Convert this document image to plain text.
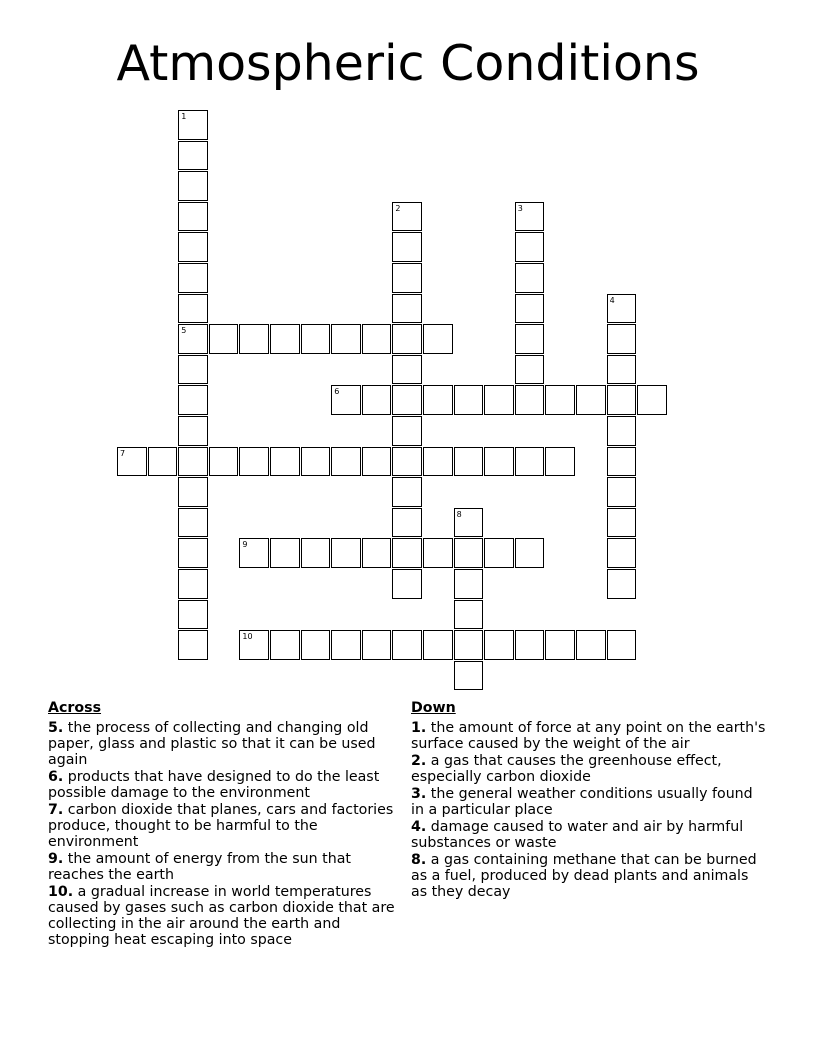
Atmospheric Conditions
1
5
2	3
4
6
7
8
9
10
Across
5. the process of collecting and changing old paper, glass and plastic so that it can be used again
6. products that have designed to do the least possible damage to the environment
7. carbon dioxide that planes, cars and factories produce, thought to be harmful to the environment
9. the amount of energy from the sun that reaches the earth
10. a gradual increase in world temperatures caused by gases such as carbon dioxide that are collecting in the air around the earth and stopping heat escaping into space
Down
1. the amount of force at any point on the earth's surface caused by the weight of the air
2. a gas that causes the greenhouse effect, especially carbon dioxide
3. the general weather conditions usually found in a particular place
4. damage caused to water and air by harmful substances or waste
8. a gas containing methane that can be burned as a fuel, produced by dead plants and animals as they decay
